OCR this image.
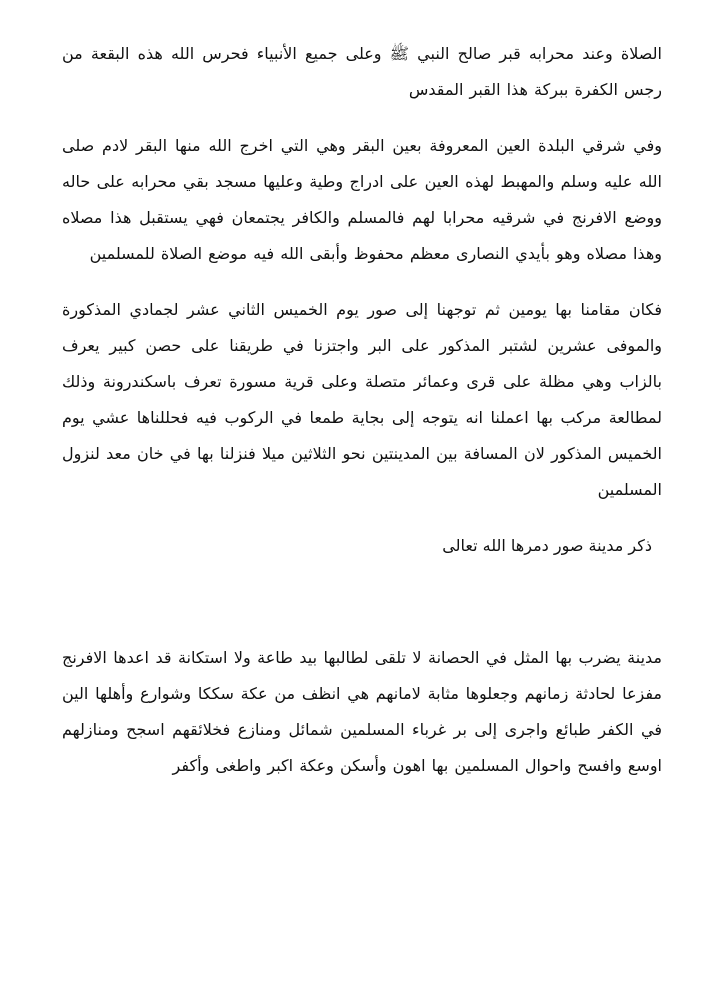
الصلاة وعند محرابه قبر صالح النبي ﷺ وعلى جميع الأنبياء فحرس الله هذه البقعة من رجس الكفرة ببركة هذا القبر المقدس

وفي شرقي البلدة العين المعروفة بعين البقر وهي التي اخرج الله منها البقر لادم صلى الله عليه وسلم والمهبط لهذه العين على ادراج وطية وعليها مسجد بقي محرابه على حاله ووضع الافرنج في شرقيه محرابا لهم فالمسلم والكافر يجتمعان فهي يستقبل هذا مصلاه وهذا مصلاه وهو بأيدي النصارى معظم محفوظ وأبقى الله فيه موضع الصلاة للمسلمين

فكان مقامنا بها يومين ثم توجهنا إلى صور يوم الخميس الثاني عشر لجمادي المذكورة والموفى عشرين لشتبر المذكور على البر واجتزنا في طريقنا على حصن كبير يعرف بالزاب وهي مظلة على قرى وعمائر متصلة وعلى قرية مسورة تعرف باسكندرونة وذلك لمطالعة مركب بها اعملنا انه يتوجه إلى بجاية طمعا في الركوب فيه فحللناها عشي يوم الخميس المذكور لان المسافة بين المدينتين نحو الثلاثين ميلا فنزلنا بها في خان معد لنزول المسلمين

ذكر مدينة صور دمرها الله تعالى

مدينة يضرب بها المثل في الحصانة لا تلقى لطالبها بيد طاعة ولا استكانة قد اعدها الافرنج مفزعا لحادثة زمانهم وجعلوها مثابة لامانهم هي انظف من عكة سككا وشوارع وأهلها الين في الكفر طبائع واجرى إلى بر غرباء المسلمين شمائل ومنازع فخلائقهم اسجح ومنازلهم اوسع وافسح واحوال المسلمين بها اهون وأسكن وعكة اكبر واطغى وأكفر
